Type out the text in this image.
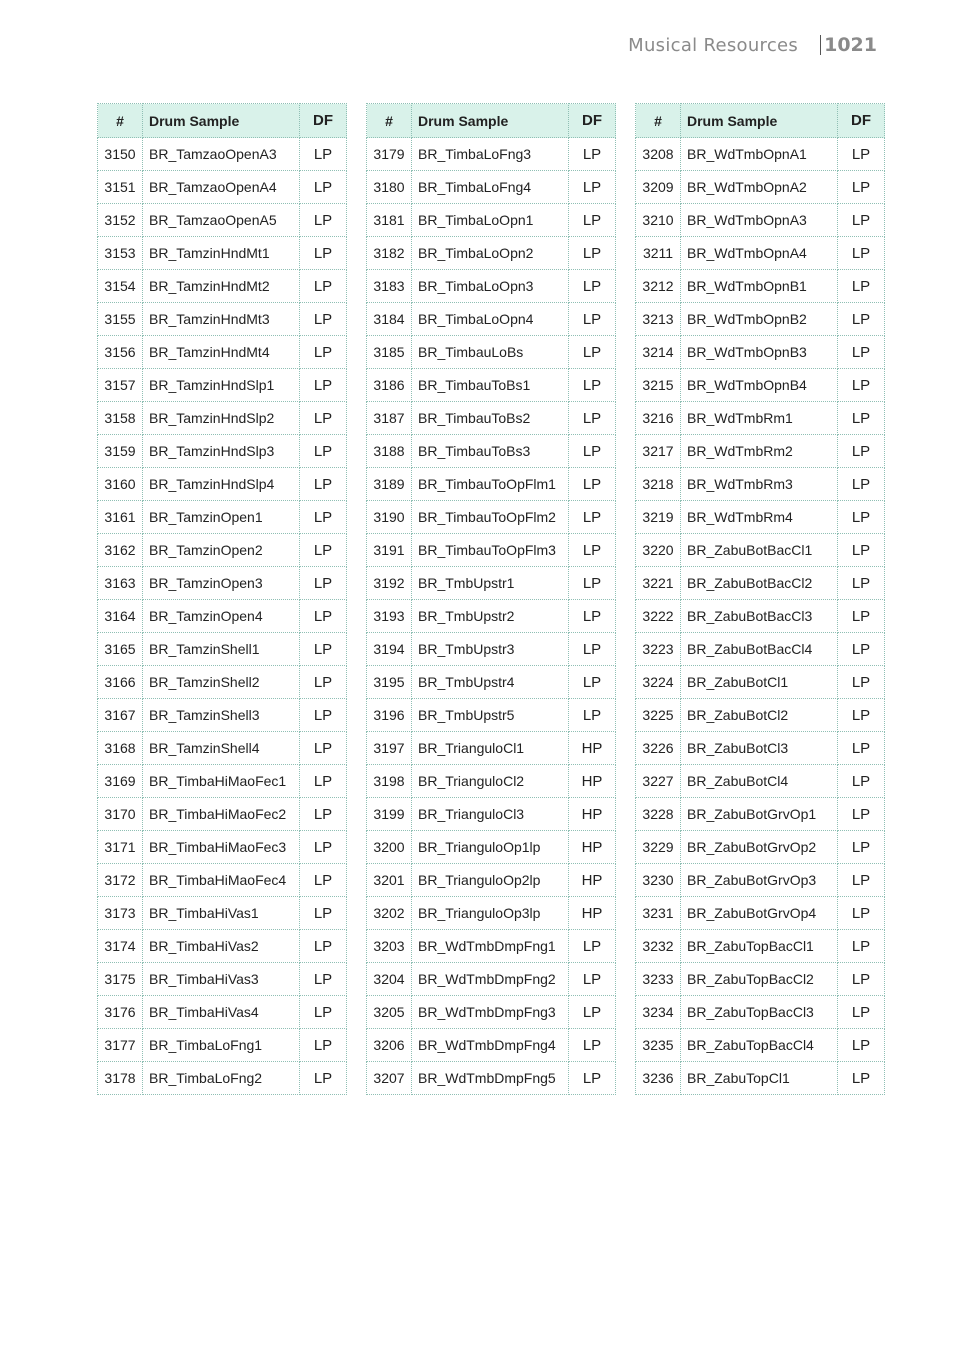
Musical Resources 1021
#	Drum Sample	DF
3150	BR_TamzaoOpenA3	LP
3151	BR_TamzaoOpenA4	LP
3152	BR_TamzaoOpenA5	LP
3153	BR_TamzinHndMt1	LP
3154	BR_TamzinHndMt2	LP
3155	BR_TamzinHndMt3	LP
3156	BR_TamzinHndMt4	LP
3157	BR_TamzinHndSlp1	LP
3158	BR_TamzinHndSlp2	LP
3159	BR_TamzinHndSlp3	LP
3160	BR_TamzinHndSlp4	LP
3161	BR_TamzinOpen1	LP
3162	BR_TamzinOpen2	LP
3163	BR_TamzinOpen3	LP
3164	BR_TamzinOpen4	LP
3165	BR_TamzinShell1	LP
3166	BR_TamzinShell2	LP
3167	BR_TamzinShell3	LP
3168	BR_TamzinShell4	LP
3169	BR_TimbaHiMaoFec1	LP
3170	BR_TimbaHiMaoFec2	LP
3171	BR_TimbaHiMaoFec3	LP
3172	BR_TimbaHiMaoFec4	LP
3173	BR_TimbaHiVas1	LP
3174	BR_TimbaHiVas2	LP
3175	BR_TimbaHiVas3	LP
3176	BR_TimbaHiVas4	LP
3177	BR_TimbaLoFng1	LP
3178	BR_TimbaLoFng2	LP
#	Drum Sample	DF
3179	BR_TimbaLoFng3	LP
3180	BR_TimbaLoFng4	LP
3181	BR_TimbaLoOpn1	LP
3182	BR_TimbaLoOpn2	LP
3183	BR_TimbaLoOpn3	LP
3184	BR_TimbaLoOpn4	LP
3185	BR_TimbauLoBs	LP
3186	BR_TimbauToBs1	LP
3187	BR_TimbauToBs2	LP
3188	BR_TimbauToBs3	LP
3189	BR_TimbauToOpFlm1	LP
3190	BR_TimbauToOpFlm2	LP
3191	BR_TimbauToOpFlm3	LP
3192	BR_TmbUpstr1	LP
3193	BR_TmbUpstr2	LP
3194	BR_TmbUpstr3	LP
3195	BR_TmbUpstr4	LP
3196	BR_TmbUpstr5	LP
3197	BR_TrianguloCl1	HP
3198	BR_TrianguloCl2	HP
3199	BR_TrianguloCl3	HP
3200	BR_TrianguloOp1lp	HP
3201	BR_TrianguloOp2lp	HP
3202	BR_TrianguloOp3lp	HP
3203	BR_WdTmbDmpFng1	LP
3204	BR_WdTmbDmpFng2	LP
3205	BR_WdTmbDmpFng3	LP
3206	BR_WdTmbDmpFng4	LP
3207	BR_WdTmbDmpFng5	LP
#	Drum Sample	DF
3208	BR_WdTmbOpnA1	LP
3209	BR_WdTmbOpnA2	LP
3210	BR_WdTmbOpnA3	LP
3211	BR_WdTmbOpnA4	LP
3212	BR_WdTmbOpnB1	LP
3213	BR_WdTmbOpnB2	LP
3214	BR_WdTmbOpnB3	LP
3215	BR_WdTmbOpnB4	LP
3216	BR_WdTmbRm1	LP
3217	BR_WdTmbRm2	LP
3218	BR_WdTmbRm3	LP
3219	BR_WdTmbRm4	LP
3220	BR_ZabuBotBacCl1	LP
3221	BR_ZabuBotBacCl2	LP
3222	BR_ZabuBotBacCl3	LP
3223	BR_ZabuBotBacCl4	LP
3224	BR_ZabuBotCl1	LP
3225	BR_ZabuBotCl2	LP
3226	BR_ZabuBotCl3	LP
3227	BR_ZabuBotCl4	LP
3228	BR_ZabuBotGrvOp1	LP
3229	BR_ZabuBotGrvOp2	LP
3230	BR_ZabuBotGrvOp3	LP
3231	BR_ZabuBotGrvOp4	LP
3232	BR_ZabuTopBacCl1	LP
3233	BR_ZabuTopBacCl2	LP
3234	BR_ZabuTopBacCl3	LP
3235	BR_ZabuTopBacCl4	LP
3236	BR_ZabuTopCl1	LP
